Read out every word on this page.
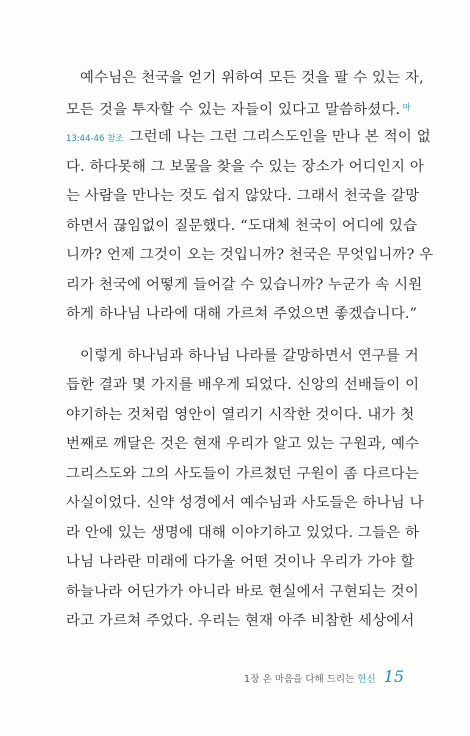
예수님은 천국을 얻기 위하여 모든 것을 팔 수 있는 자,
모든 것을 투자할 수 있는 자들이 있다고 말씀하셨다. $^마$
13:44-46 참조 그런데 나는 그런 그리스도인을 만나 본 적이 없
다. 하다못해 그 보물을 찾을 수 있는 장소가 어디인지 아
는 사람을 만나는 것도 쉽지 않았다. 그래서 천국을 갈망
하면서 끊임없이 질문했다. “도대체 천국이 어디에 있습
니까? 언제 그것이 오는 것입니까? 천국은 무엇입니까? 우
리가 천국에 어떻게 들어갈 수 있습니까? 누군가 속 시원
하게 하나님 나라에 대해 가르쳐 주었으면 좋겠습니다.”
이렇게 하나님과 하나님 나라를 갈망하면서 연구를 거
듭한 결과 몇 가지를 배우게 되었다. 신앙의 선배들이 이
야기하는 것처럼 영안이 열리기 시작한 것이다. 내가 첫
번째로 깨달은 것은 현재 우리가 알고 있는 구원과, 예수
그리스도와 그의 사도들이 가르쳤던 구원이 좀 다르다는
사실이었다. 신약 성경에서 예수님과 사도들은 하나님 나
라 안에 있는 생명에 대해 이야기하고 있었다. 그들은 하
나님 나라란 미래에 다가올 어떤 것이나 우리가 가야 할
하늘나라 어딘가가 아니라 바로 현실에서 구현되는 것이
라고 가르쳐 주었다. 우리는 현재 아주 비참한 세상에서
1장 온 마음을 다해 드리는 헌신 15
